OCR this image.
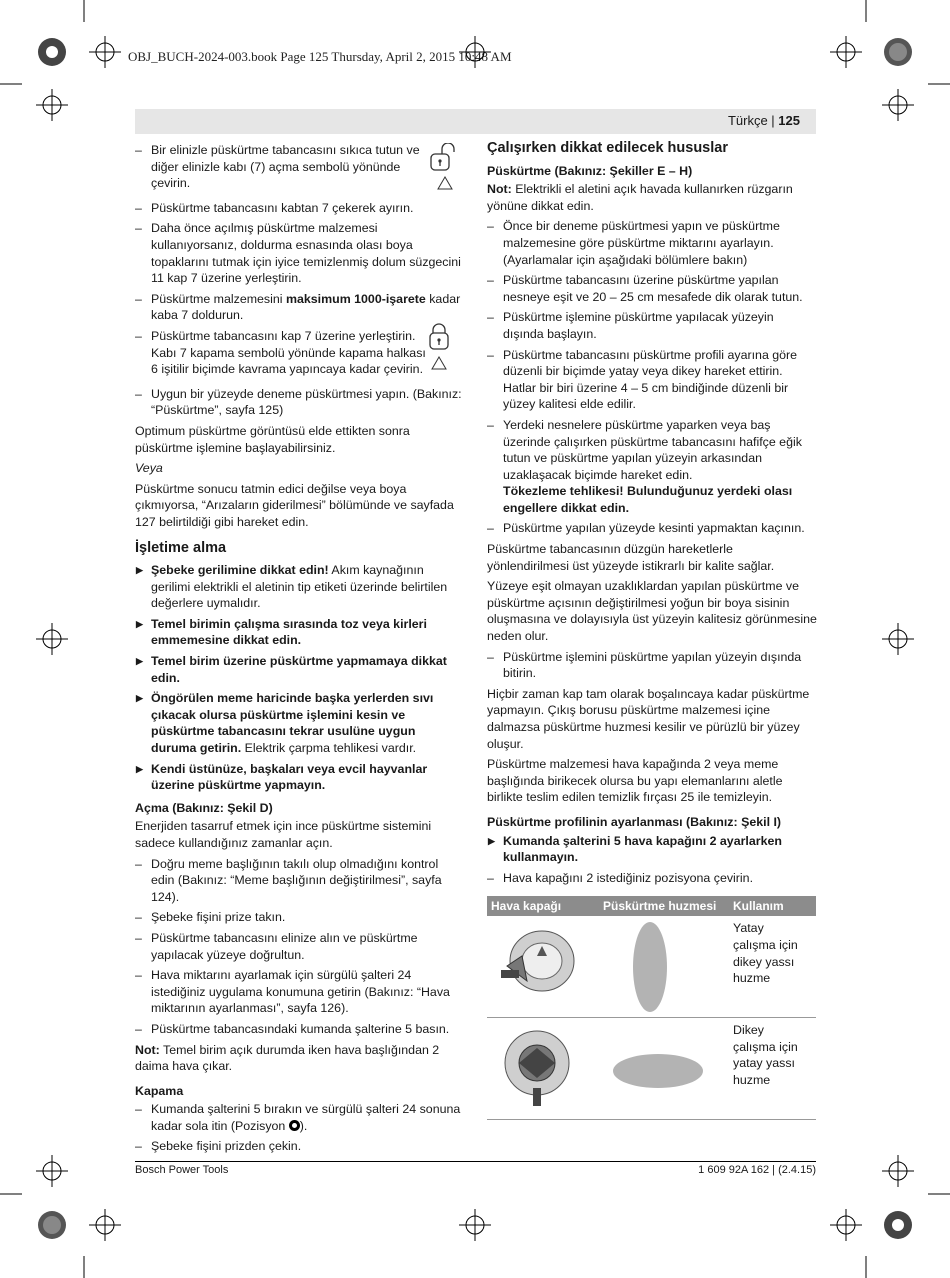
OBJ_BUCH-2024-003.book Page 125 Thursday, April 2, 2015 10:48 AM
Türkçe | 125

– Bir elinizle püskürtme tabancasını sıkıca tutun ve diğer elinizle kabı (7) açma sembolü yönünde çevirin.

– Püskürtme tabancasını kabtan 7 çekerek ayırın.

– Daha önce açılmış püskürtme malzemesi kullanıyorsanız, doldurma esnasında olası boya topaklarını tutmak için iyice temizlenmiş dolum süzgecini 11 kap 7 üzerine yerleştirin.

– Püskürtme malzemesini maksimum 1000-işarete kadar kaba 7 doldurun.

– Püskürtme tabancasını kap 7 üzerine yerleştirin. Kabı 7 kapama sembolü yönünde kapama halkası 6 işitilir biçimde kavrama yapıncaya kadar çevirin.

– Uygun bir yüzeyde deneme püskürtmesi yapın. (Bakınız: “Püskürtme”, sayfa 125)

Optimum püskürtme görüntüsü elde ettikten sonra püskürtme işlemine başlayabilirsiniz.

Veya

Püskürtme sonucu tatmin edici değilse veya boya çıkmıyorsa, “Arızaların giderilmesi” bölümünde ve sayfada 127 belirtildiği gibi hareket edin.

İşletime alma

▶ Şebeke gerilimine dikkat edin! Akım kaynağının gerilimi elektrikli el aletinin tip etiketi üzerinde belirtilen değerlere uymalıdır.

▶ Temel birimin çalışma sırasında toz veya kirleri emmemesine dikkat edin.

▶ Temel birim üzerine püskürtme yapmamaya dikkat edin.

▶ Öngörülen meme haricinde başka yerlerden sıvı çıkacak olursa püskürtme işlemini kesin ve püskürtme tabancasını tekrar usulüne uygun duruma getirin. Elektrik çarpma tehlikesi vardır.

▶ Kendi üstünüze, başkaları veya evcil hayvanlar üzerine püskürtme yapmayın.

Açma (Bakınız: Şekil D)

Enerjiden tasarruf etmek için ince püskürtme sistemini sadece kullandığınız zamanlar açın.

– Doğru meme başlığının takılı olup olmadığını kontrol edin (Bakınız: “Meme başlığının değiştirilmesi”, sayfa 124).

– Şebeke fişini prize takın.

– Püskürtme tabancasını elinize alın ve püskürtme yapılacak yüzeye doğrultun.

– Hava miktarını ayarlamak için sürgülü şalteri 24 istediğiniz uygulama konumuna getirin (Bakınız: “Hava miktarının ayarlanması”, sayfa 126).

– Püskürtme tabancasındaki kumanda şalterine 5 basın.

Not: Temel birim açık durumda iken hava başlığından 2 daima hava çıkar.

Kapama

– Kumanda şalterini 5 bırakın ve sürgülü şalteri 24 sonuna kadar sola itin (Pozisyon
).

– Şebeke fişini prizden çekin.

Çalışırken dikkat edilecek hususlar
Püskürtme (Bakınız: Şekiller E – H)

Not: Elektrikli el aletini açık havada kullanırken rüzgarın yönüne dikkat edin.

– Önce bir deneme püskürtmesi yapın ve püskürtme malzemesine göre püskürtme miktarını ayarlayın. (Ayarlamalar için aşağıdaki bölümlere bakın)

– Püskürtme tabancasını üzerine püskürtme yapılan nesneye eşit ve 20 – 25 cm mesafede dik olarak tutun.

– Püskürtme işlemine püskürtme yapılacak yüzeyin dışında başlayın.

– Püskürtme tabancasını püskürtme profili ayarına göre düzenli bir biçimde yatay veya dikey hareket ettirin. Hatlar bir biri üzerine 4 – 5 cm bindiğinde düzenli bir yüzey kalitesi elde edilir.

– Yerdeki nesnelere püskürtme yaparken veya baş üzerinde çalışırken püskürtme tabancasını hafifçe eğik tutun ve püskürtme yapılan yüzeyin arkasından uzaklaşacak biçimde hareket edin.
Tökezleme tehlikesi! Bulunduğunuz yerdeki olası engellere dikkat edin.

– Püskürtme yapılan yüzeyde kesinti yapmaktan kaçının.

Püskürtme tabancasının düzgün hareketlerle yönlendirilmesi üst yüzeyde istikrarlı bir kalite sağlar.

Yüzeye eşit olmayan uzaklıklardan yapılan püskürtme ve püskürtme açısının değiştirilmesi yoğun bir boya sisinin oluşmasına ve dolayısıyla üst yüzeyin kalitesiz görünmesine neden olur.

– Püskürtme işlemini püskürtme yapılan yüzeyin dışında bitirin.

Hiçbir zaman kap tam olarak boşalıncaya kadar püskürtme yapmayın. Çıkış borusu püskürtme malzemesi içine dalmazsa püskürtme huzmesi kesilir ve pürüzlü bir yüzey oluşur.

Püskürtme malzemesi hava kapağında 2 veya meme başlığında birikecek olursa bu yapı elemanlarını aletle birlikte teslim edilen temizlik fırçası 25 ile temizleyin.

Püskürtme profilinin ayarlanması (Bakınız: Şekil I)

▶ Kumanda şalterini 5 hava kapağını 2 ayarlarken kullanmayın.

– Hava kapağını 2 istediğiniz pozisyona çevirin.

Hava kapağı	Püskürtme huzmesi	Kullanım

	Yatay çalışma için dikey yassı huzme

	Dikey çalışma için yatay yassı huzme
Bosch Power Tools	1 609 92A 162 | (2.4.15)
